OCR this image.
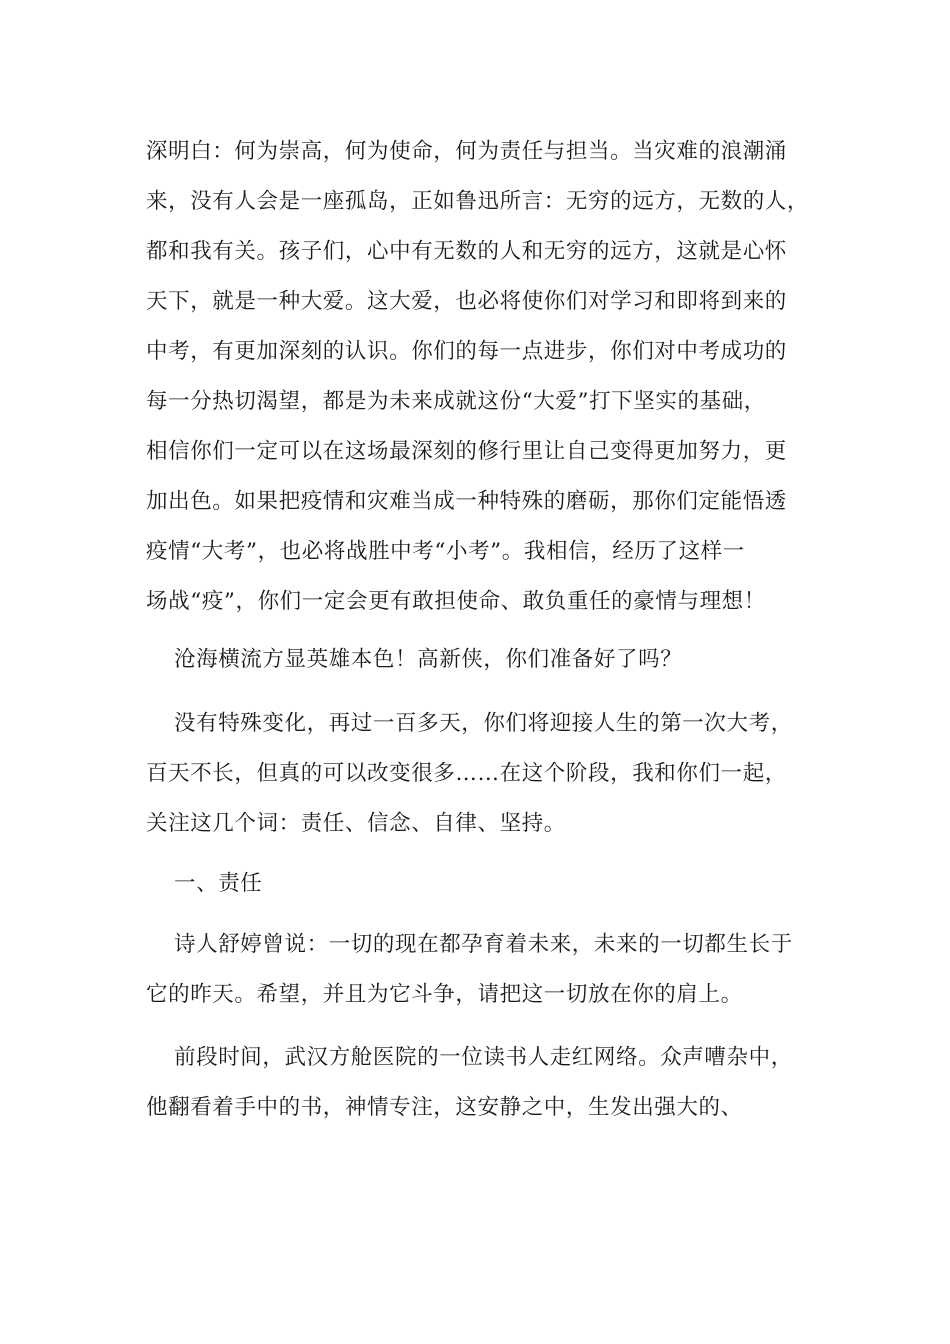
深明白：何为崇高，何为使命，何为责任与担当。当灾难的浪潮涌
来，没有人会是一座孤岛，正如鲁迅所言：无穷的远方，无数的人，
都和我有关。孩子们，心中有无数的人和无穷的远方，这就是心怀
天下，就是一种大爱。这大爱，也必将使你们对学习和即将到来的
中考，有更加深刻的认识。你们的每一点进步，你们对中考成功的
每一分热切渴望，都是为未来成就这份“大爱”打下坚实的基础，
相信你们一定可以在这场最深刻的修行里让自己变得更加努力，更
加出色。如果把疫情和灾难当成一种特殊的磨砺，那你们定能悟透
疫情“大考”，也必将战胜中考“小考”。我相信，经历了这样一
场战“疫”，你们一定会更有敢担使命、敢负重任的豪情与理想！
沧海横流方显英雄本色！高新侠，你们准备好了吗？
没有特殊变化，再过一百多天，你们将迎接人生的第一次大考，
百天不长，但真的可以改变很多……在这个阶段，我和你们一起，
关注这几个词：责任、信念、自律、坚持。
一、责任
诗人舒婷曾说：一切的现在都孕育着未来，未来的一切都生长于
它的昨天。希望，并且为它斗争，请把这一切放在你的肩上。
前段时间，武汉方舱医院的一位读书人走红网络。众声嘈杂中，
他翻看着手中的书，神情专注，这安静之中，生发出强大的、
